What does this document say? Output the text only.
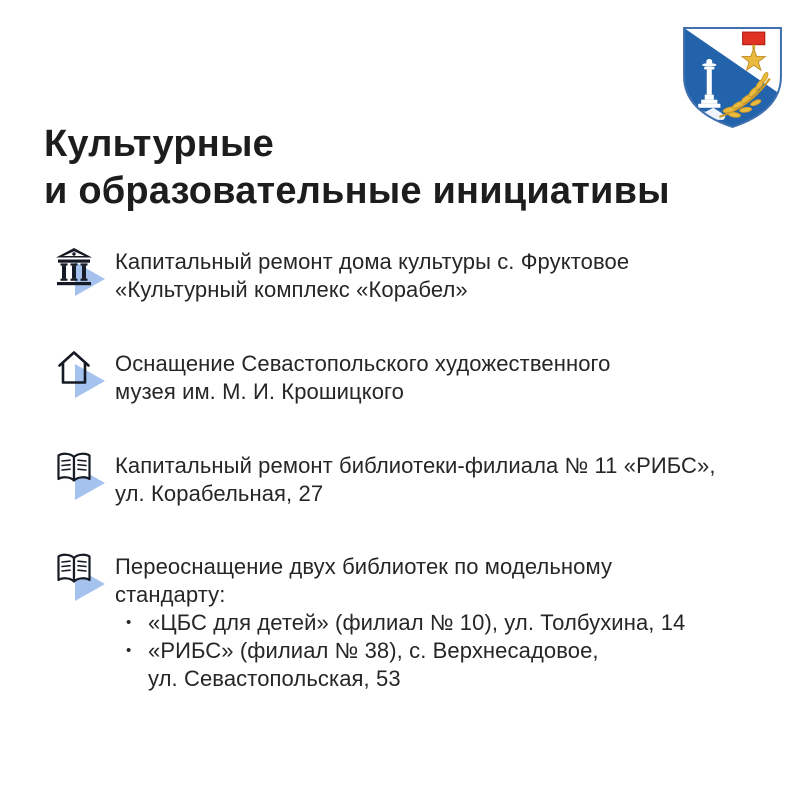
Культурные
и образовательные инициативы
Капитальный ремонт дома культуры с. Фруктовое
«Культурный комплекс «Корабел»
Оснащение Севастопольского художественного
музея им. М. И. Крошицкого
Капитальный ремонт библиотеки-филиала № 11 «РИБС»,
ул. Корабельная, 27
Переоснащение двух библиотек по модельному
стандарту:
• «ЦБС для детей» (филиал № 10), ул. Толбухина, 14
• «РИБС» (филиал № 38), с. Верхнесадовое,
ул. Севастопольская, 53
